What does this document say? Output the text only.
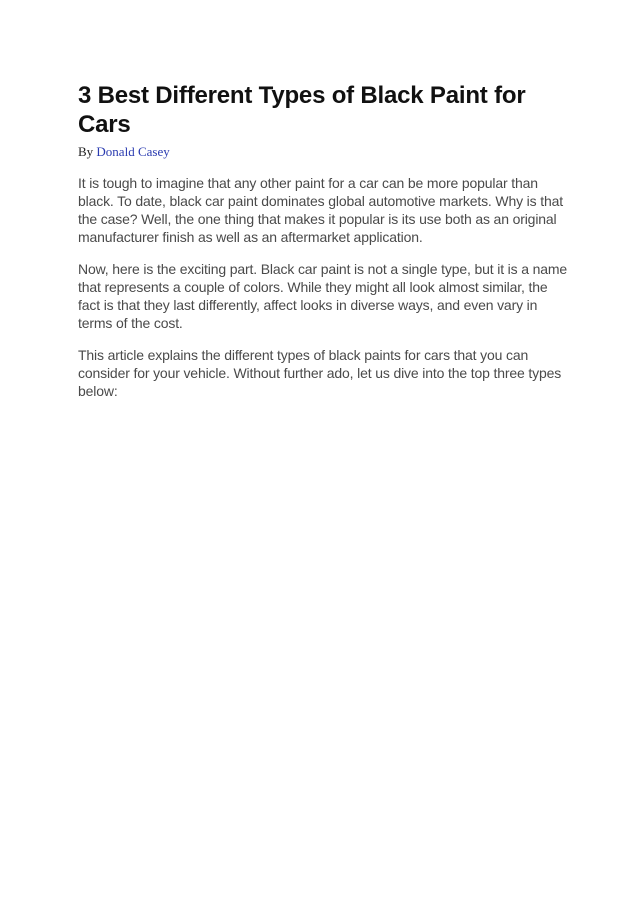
3 Best Different Types of Black Paint for Cars

By Donald Casey

It is tough to imagine that any other paint for a car can be more popular than black. To date, black car paint dominates global automotive markets. Why is that the case? Well, the one thing that makes it popular is its use both as an original manufacturer finish as well as an aftermarket application.

Now, here is the exciting part. Black car paint is not a single type, but it is a name that represents a couple of colors. While they might all look almost similar, the fact is that they last differently, affect looks in diverse ways, and even vary in terms of the cost.

This article explains the different types of black paints for cars that you can consider for your vehicle. Without further ado, let us dive into the top three types below:
